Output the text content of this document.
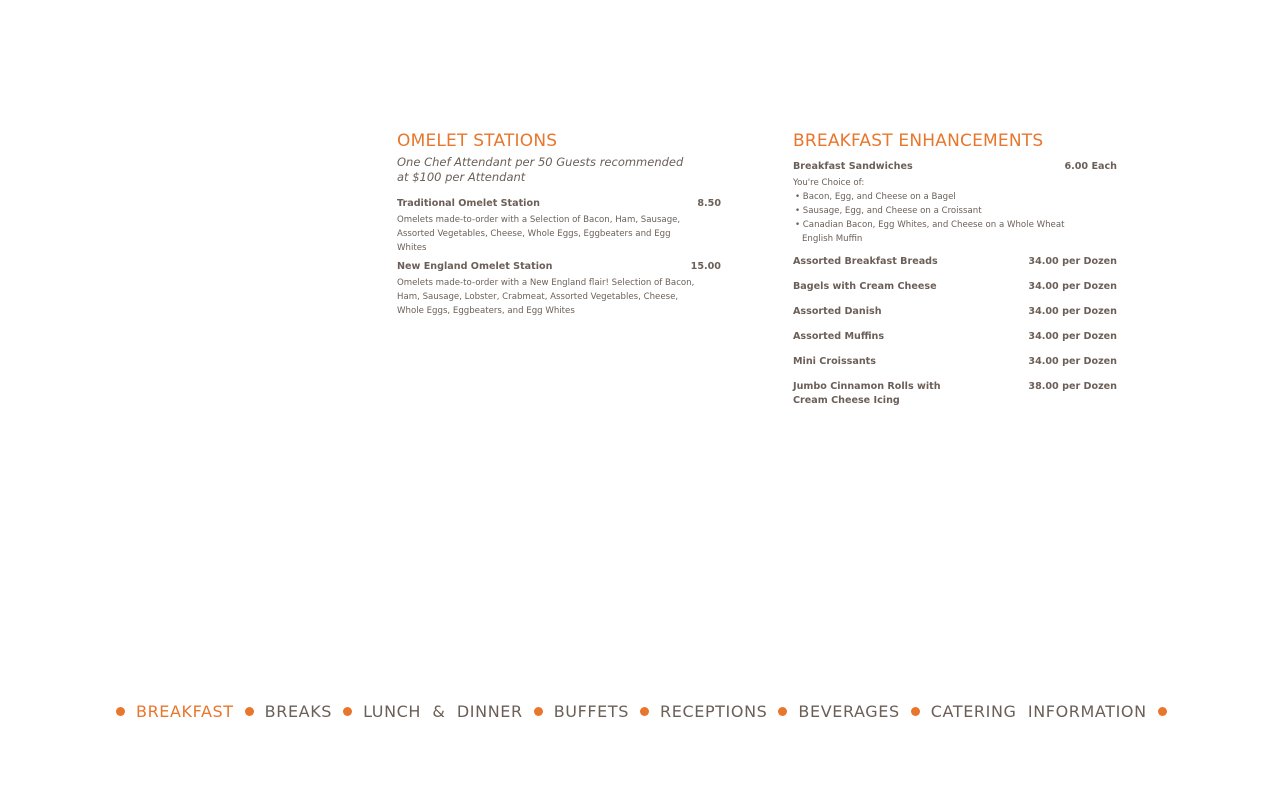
OMELET STATIONS
One Chef Attendant per 50 Guests recommended
at $100 per Attendant
Traditional Omelet Station	8.50
Omelets made-to-order with a Selection of Bacon, Ham, Sausage, Assorted Vegetables, Cheese, Whole Eggs, Eggbeaters and Egg Whites
New England Omelet Station	15.00
Omelets made-to-order with a New England flair! Selection of Bacon, Ham, Sausage, Lobster, Crabmeat, Assorted Vegetables, Cheese, Whole Eggs, Eggbeaters, and Egg Whites
BREAKFAST ENHANCEMENTS
Breakfast Sandwiches	6.00 Each
You're Choice of:
• Bacon, Egg, and Cheese on a Bagel
• Sausage, Egg, and Cheese on a Croissant
• Canadian Bacon, Egg Whites, and Cheese on a Whole Wheat English Muffin
Assorted Breakfast Breads	34.00 per Dozen
Bagels with Cream Cheese	34.00 per Dozen
Assorted Danish	34.00 per Dozen
Assorted Muffins	34.00 per Dozen
Mini Croissants	34.00 per Dozen
Jumbo Cinnamon Rolls with
Cream Cheese Icing
38.00 per Dozen
BREAKFAST BREAKS LUNCH  &  DINNER BUFFETS RECEPTIONS BEVERAGES CATERING  INFORMATION
